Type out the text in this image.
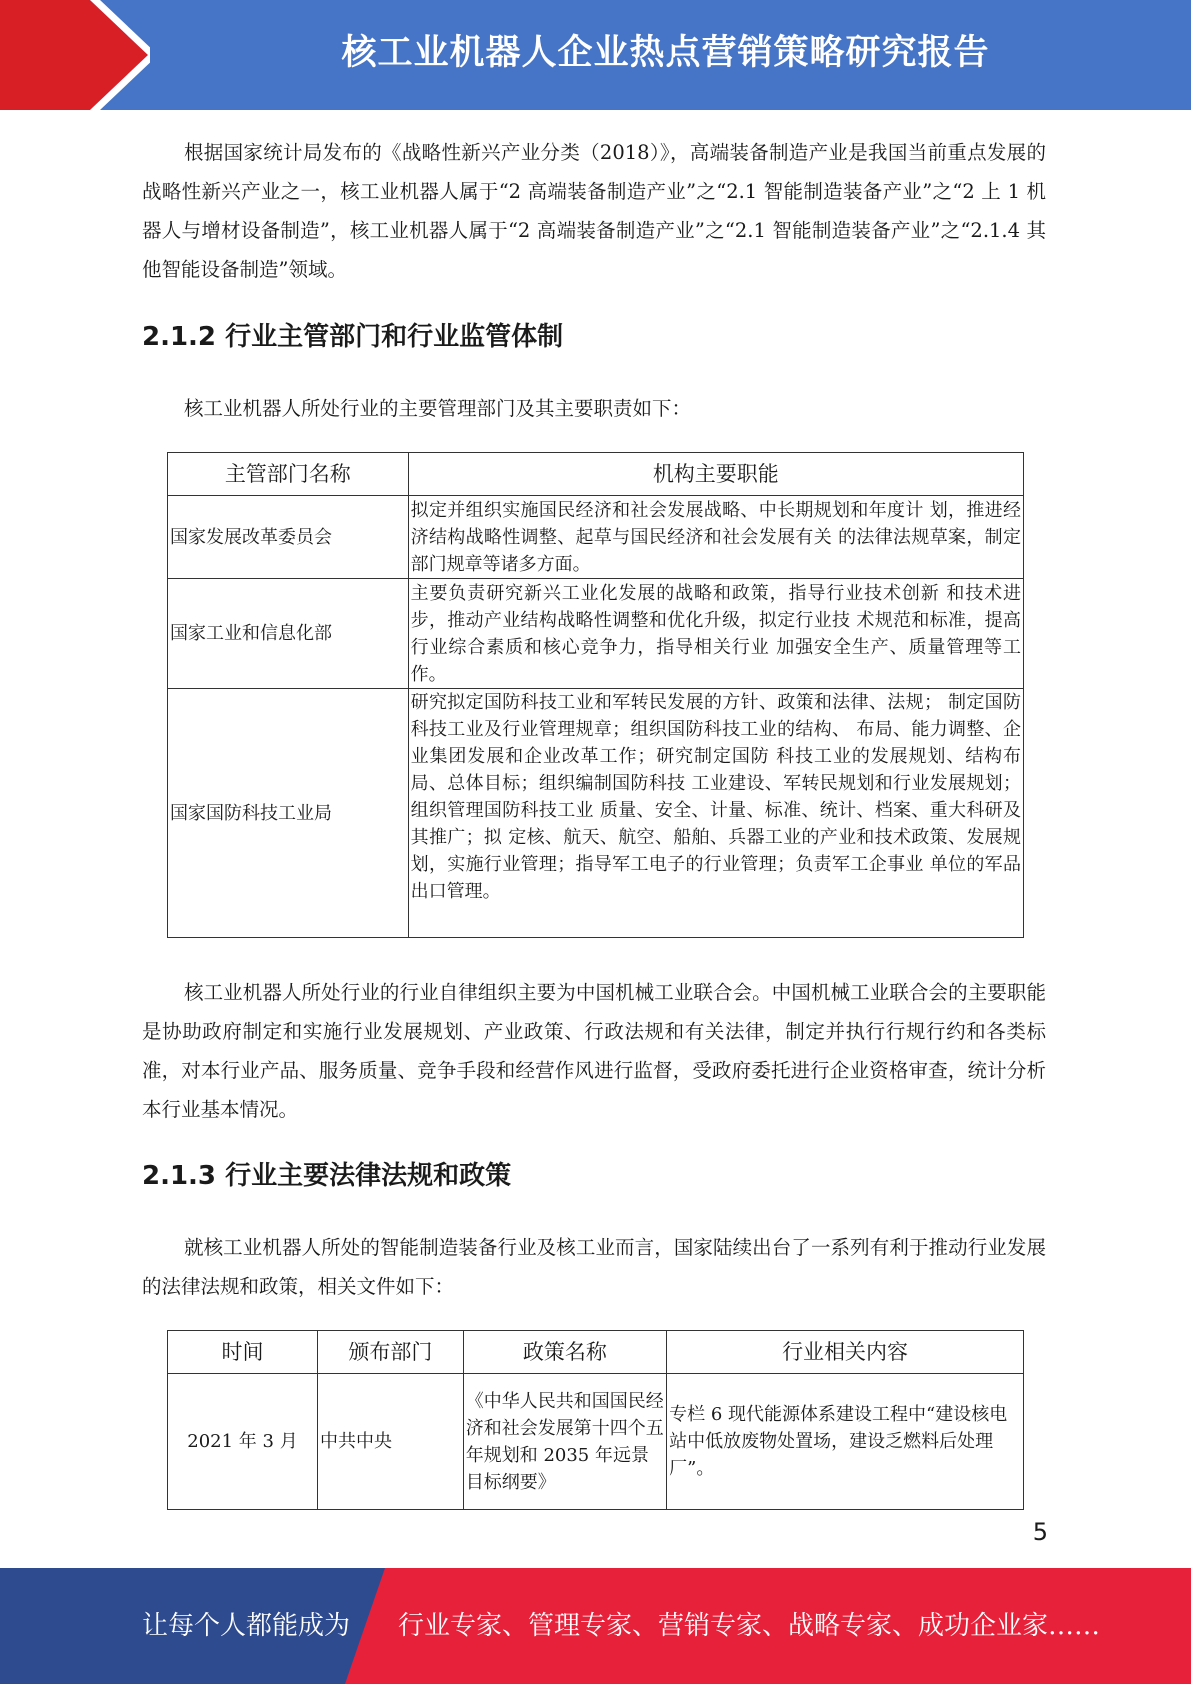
核工业机器人企业热点营销策略研究报告

根据国家统计局发布的《战略性新兴产业分类（2018）》，高端装备制造产业是我国当前重点发展的战略性新兴产业之一，核工业机器人属于“2 高端装备制造产业”之“2.1 智能制造装备产业”之“2 上 1 机器人与增材设备制造”，核工业机器人属于“2 高端装备制造产业”之“2.1 智能制造装备产业”之“2.1.4 其他智能设备制造”领域。

2.1.2 行业主管部门和行业监管体制

核工业机器人所处行业的主要管理部门及其主要职责如下：

主管部门名称	机构主要职能
国家发展改革委员会	拟定并组织实施国民经济和社会发展战略、中长期规划和年度计 划，推进经济结构战略性调整、起草与国民经济和社会发展有关 的法律法规草案，制定部门规章等诸多方面。
国家工业和信息化部	主要负责研究新兴工业化发展的战略和政策，指导行业技术创新 和技术进步，推动产业结构战略性调整和优化升级，拟定行业技 术规范和标准，提高行业综合素质和核心竞争力，指导相关行业 加强安全生产、质量管理等工作。
国家国防科技工业局	研究拟定国防科技工业和军转民发展的方针、政策和法律、法规； 制定国防科技工业及行业管理规章；组织国防科技工业的结构、 布局、能力调整、企业集团发展和企业改革工作；研究制定国防 科技工业的发展规划、结构布局、总体目标；组织编制国防科技 工业建设、军转民规划和行业发展规划；组织管理国防科技工业 质量、安全、计量、标准、统计、档案、重大科研及其推广；拟 定核、航天、航空、船舶、兵器工业的产业和技术政策、发展规 划，实施行业管理；指导军工电子的行业管理；负责军工企事业 单位的军品出口管理。

核工业机器人所处行业的行业自律组织主要为中国机械工业联合会。中国机械工业联合会的主要职能是协助政府制定和实施行业发展规划、产业政策、行政法规和有关法律，制定并执行行规行约和各类标准，对本行业产品、服务质量、竞争手段和经营作风进行监督，受政府委托进行企业资格审查，统计分析本行业基本情况。

2.1.3 行业主要法律法规和政策

就核工业机器人所处的智能制造装备行业及核工业而言，国家陆续出台了一系列有利于推动行业发展的法律法规和政策，相关文件如下：

时间	颁布部门	政策名称	行业相关内容
2021 年 3 月	中共中央	《中华人民共和国国民经济和社会发展第十四个五年规划和 2035 年远景目标纲要》	专栏 6 现代能源体系建设工程中“建设核电站中低放废物处置场，建设乏燃料后处理厂”。
5
让每个人都能成为 行业专家、管理专家、营销专家、战略专家、成功企业家……
